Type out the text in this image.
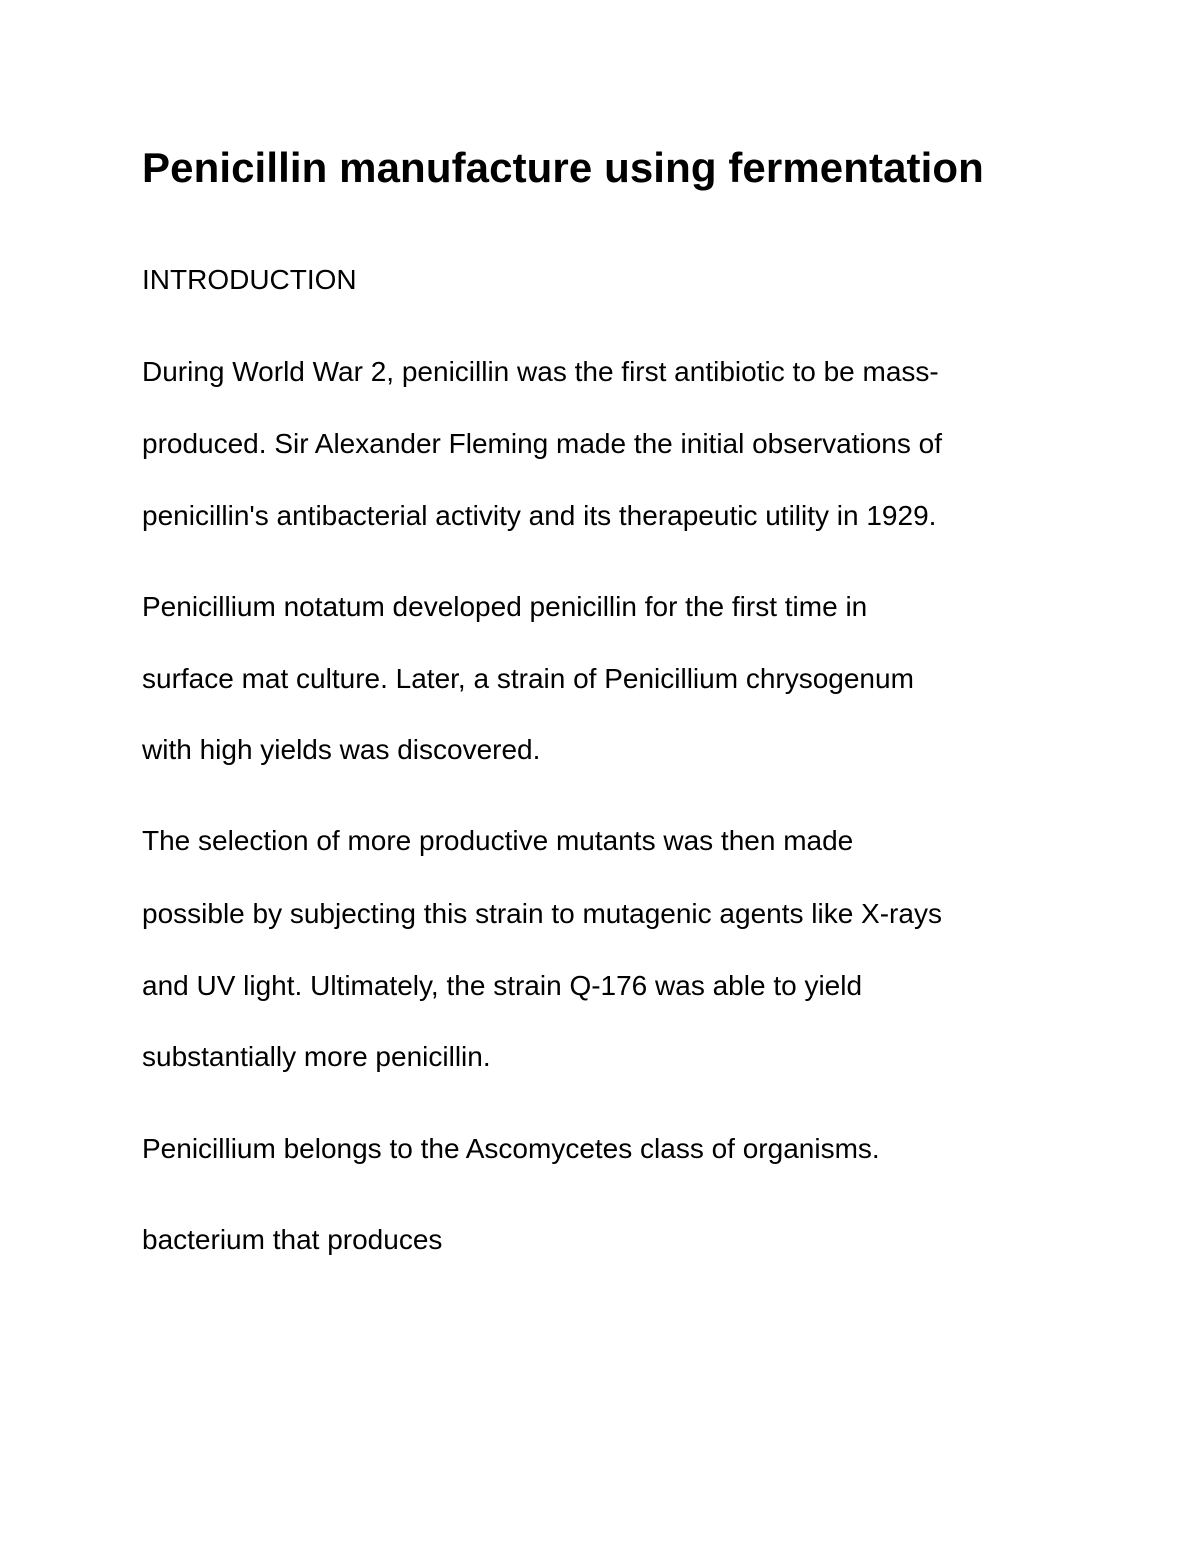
Penicillin manufacture using fermentation
INTRODUCTION
During World War 2, penicillin was the first antibiotic to be mass-
produced. Sir Alexander Fleming made the initial observations of
penicillin's antibacterial activity and its therapeutic utility in 1929.
Penicillium notatum developed penicillin for the first time in
surface mat culture. Later, a strain of Penicillium chrysogenum
with high yields was discovered.
The selection of more productive mutants was then made
possible by subjecting this strain to mutagenic agents like X-rays
and UV light. Ultimately, the strain Q-176 was able to yield
substantially more penicillin.
Penicillium belongs to the Ascomycetes class of organisms.
bacterium that produces
